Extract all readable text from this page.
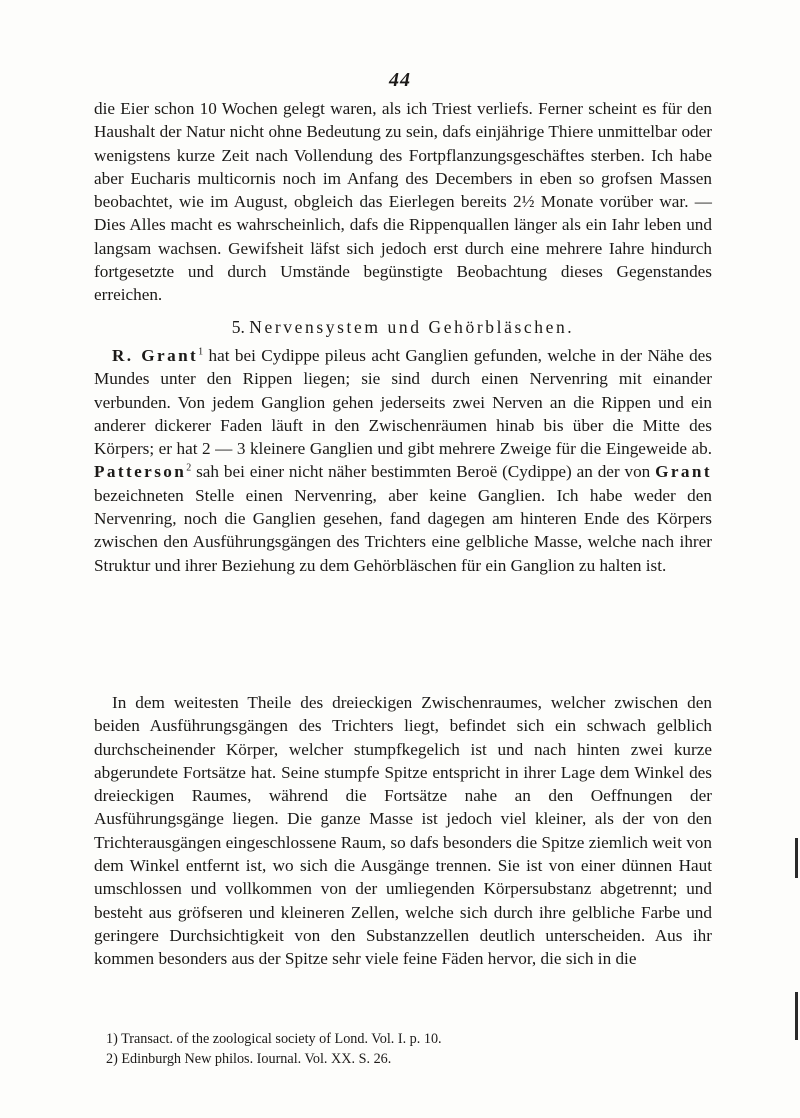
44

die Eier schon 10 Wochen gelegt waren, als ich Triest verliefs. Ferner scheint es für den Haushalt der Natur nicht ohne Bedeutung zu sein, dafs einjährige Thiere unmittelbar oder wenigstens kurze Zeit nach Vollendung des Fortpflanzungsgeschäftes sterben. Ich habe aber Eucharis multicornis noch im Anfang des Decembers in eben so grofsen Massen beobachtet, wie im August, obgleich das Eierlegen bereits 2½ Monate vorüber war. — Dies Alles macht es wahrscheinlich, dafs die Rippenquallen länger als ein Iahr leben und langsam wachsen. Gewifsheit läfst sich jedoch erst durch eine mehrere Iahre hindurch fortgesetzte und durch Umstände begünstigte Beobachtung dieses Gegenstandes erreichen.

5. Nervensystem und Gehörbläschen.

R. Grant$^1$ hat bei Cydippe pileus acht Ganglien gefunden, welche in der Nähe des Mundes unter den Rippen liegen; sie sind durch einen Nervenring mit einander verbunden. Von jedem Ganglion gehen jederseits zwei Nerven an die Rippen und ein anderer dickerer Faden läuft in den Zwischenräumen hinab bis über die Mitte des Körpers; er hat 2 — 3 kleinere Ganglien und gibt mehrere Zweige für die Eingeweide ab. Patterson$^2$ sah bei einer nicht näher bestimmten Beroë (Cydippe) an der von Grant bezeichneten Stelle einen Nervenring, aber keine Ganglien. Ich habe weder den Nervenring, noch die Ganglien gesehen, fand dagegen am hinteren Ende des Körpers zwischen den Ausführungsgängen des Trichters eine gelbliche Masse, welche nach ihrer Struktur und ihrer Beziehung zu dem Gehörbläschen für ein Ganglion zu halten ist.

In dem weitesten Theile des dreieckigen Zwischenraumes, welcher zwischen den beiden Ausführungsgängen des Trichters liegt, befindet sich ein schwach gelblich durchscheinender Körper, welcher stumpfkegelich ist und nach hinten zwei kurze abgerundete Fortsätze hat. Seine stumpfe Spitze entspricht in ihrer Lage dem Winkel des dreieckigen Raumes, während die Fortsätze nahe an den Oeffnungen der Ausführungsgänge liegen. Die ganze Masse ist jedoch viel kleiner, als der von den Trichterausgängen eingeschlossene Raum, so dafs besonders die Spitze ziemlich weit von dem Winkel entfernt ist, wo sich die Ausgänge trennen. Sie ist von einer dünnen Haut umschlossen und vollkommen von der umliegenden Körpersubstanz abgetrennt; und besteht aus gröfseren und kleineren Zellen, welche sich durch ihre gelbliche Farbe und geringere Durchsichtigkeit von den Substanzzellen deutlich unterscheiden. Aus ihr kommen besonders aus der Spitze sehr viele feine Fäden hervor, die sich in die

1) Transact. of the zoological society of Lond. Vol. I. p. 10.
2) Edinburgh New philos. Iournal. Vol. XX. S. 26.
